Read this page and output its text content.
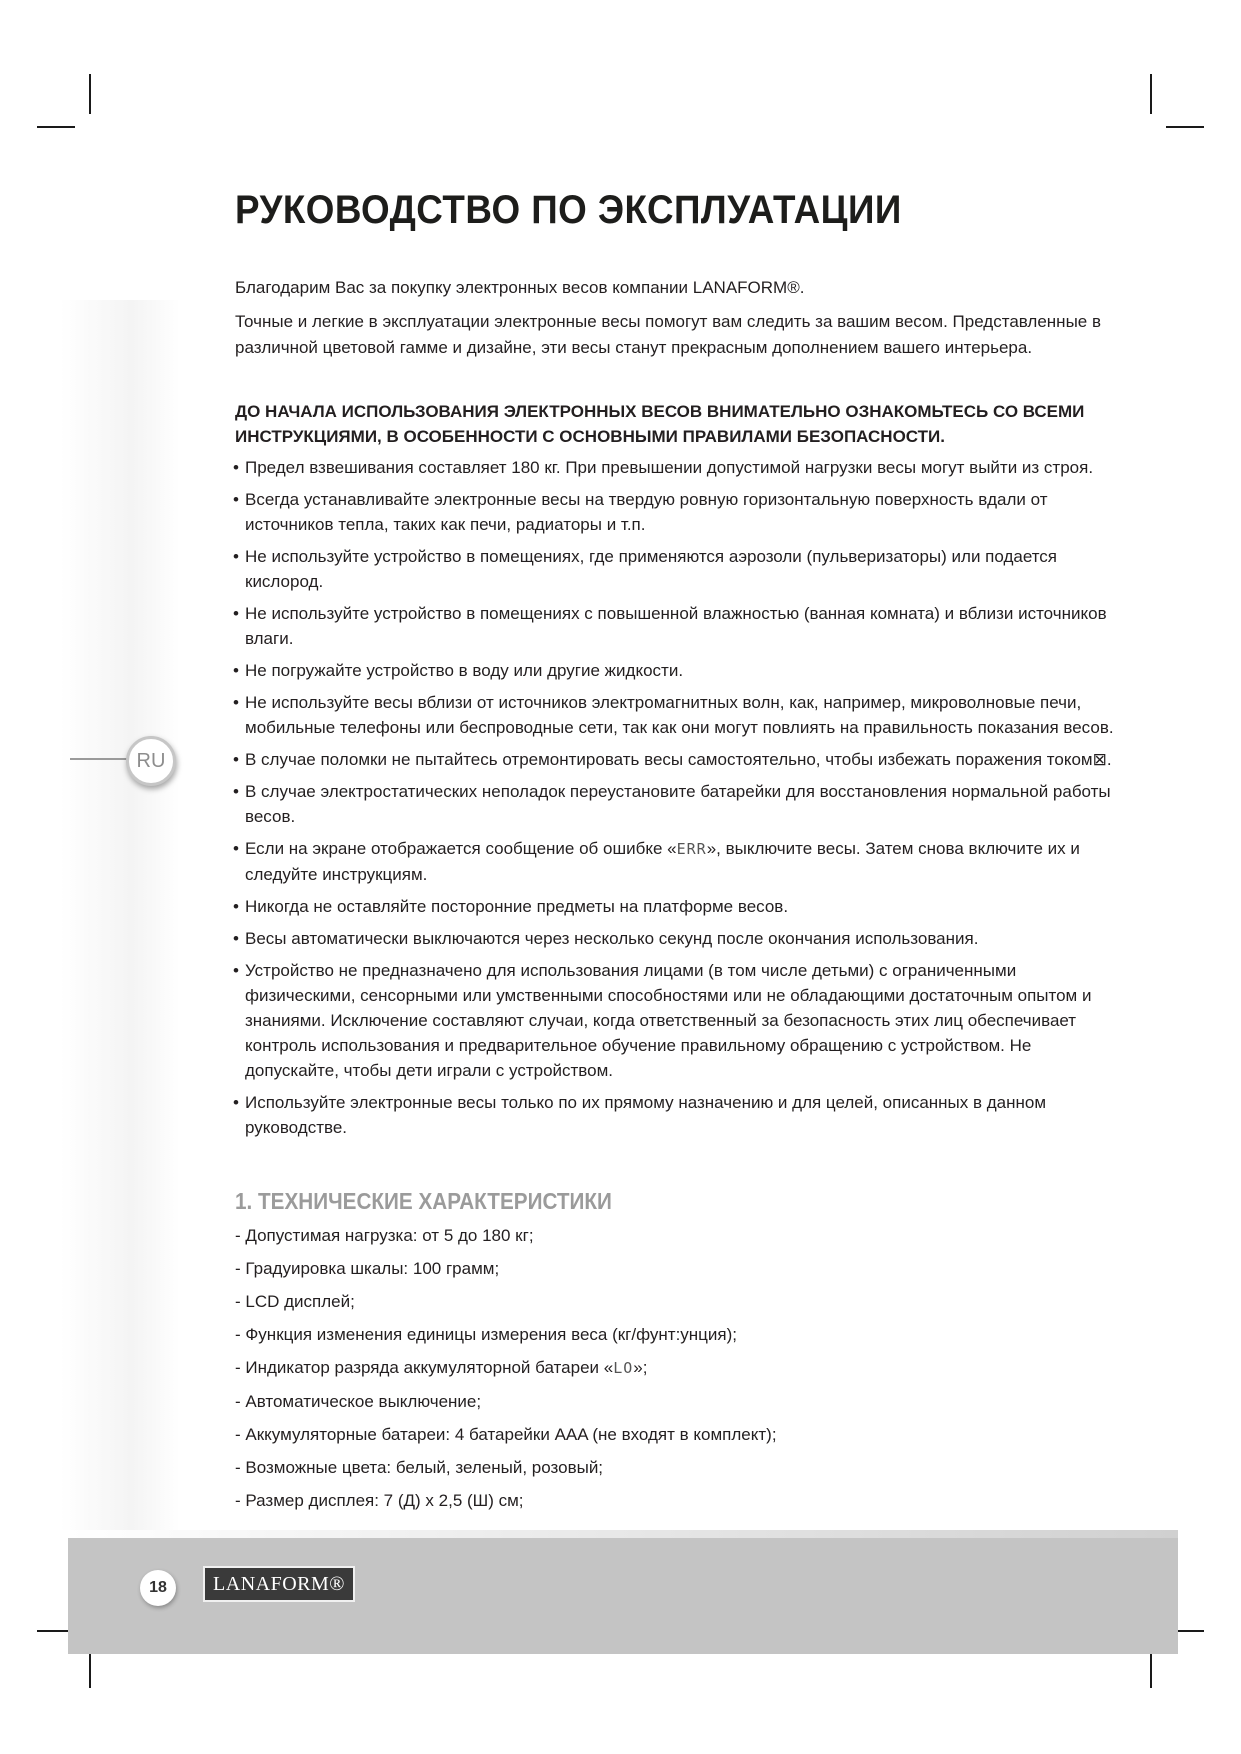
RU
РУКОВОДСТВО ПО ЭКСПЛУАТАЦИИ

Благодарим Вас за покупку электронных весов компании LANAFORM®.

Точные и легкие в эксплуатации электронные весы помогут вам следить за вашим весом. Представленные в различной цветовой гамме и дизайне, эти весы станут прекрасным дополнением вашего интерьера.

ДО НАЧАЛА ИСПОЛЬЗОВАНИЯ ЭЛЕКТРОННЫХ ВЕСОВ ВНИМАТЕЛЬНО ОЗНАКОМЬТЕСЬ СО ВСЕМИ ИНСТРУКЦИЯМИ, В ОСОБЕННОСТИ С ОСНОВНЫМИ ПРАВИЛАМИ БЕЗОПАСНОСТИ.
• Предел взвешивания составляет 180 кг. При превышении допустимой нагрузки весы могут выйти из строя.
• Всегда устанавливайте электронные весы на твердую ровную горизонтальную поверхность вдали от источников тепла, таких как печи, радиаторы и т.п.
• Не используйте устройство в помещениях, где применяются аэрозоли (пульверизаторы) или подается кислород.
• Не используйте устройство в помещениях с повышенной влажностью (ванная комната) и вблизи источников влаги.
• Не погружайте устройство в воду или другие жидкости.
• Не используйте весы вблизи от источников электромагнитных волн, как, например, микроволновые печи, мобильные телефоны или беспроводные сети, так как они могут повлиять на правильность показания весов.
• В случае поломки не пытайтесь отремонтировать весы самостоятельно, чтобы избежать поражения током⊠.
• В случае электростатических неполадок переустановите батарейки для восстановления нормальной работы весов.
• Если на экране отображается сообщение об ошибке «ERR», выключите весы. Затем снова включите их и следуйте инструкциям.
• Никогда не оставляйте посторонние предметы на платформе весов.
• Весы автоматически выключаются через несколько секунд после окончания использования.
• Устройство не предназначено для использования лицами (в том числе детьми) с ограниченными физическими, сенсорными или умственными способностями или не обладающими достаточным опытом и знаниями. Исключение составляют случаи, когда ответственный за безопасность этих лиц обеспечивает контроль использования и предварительное обучение правильному обращению с устройством. Не допускайте, чтобы дети играли с устройством.
• Используйте электронные весы только по их прямому назначению и для целей, описанных в данном руководстве.
1. ТЕХНИЧЕСКИЕ ХАРАКТЕРИСТИКИ
- Допустимая нагрузка: от 5 до 180 кг;
- Градуировка шкалы: 100 грамм;
- LCD дисплей;
- Функция изменения единицы измерения веса (кг/фунт:унция);
- Индикатор разряда аккумуляторной батареи «LO»;
- Автоматическое выключение;
- Аккумуляторные батареи: 4 батарейки AAA (не входят в комплект);
- Возможные цвета: белый, зеленый, розовый;
- Размер дисплея: 7 (Д) x 2,5 (Ш) см;
18	LANAFORM®
